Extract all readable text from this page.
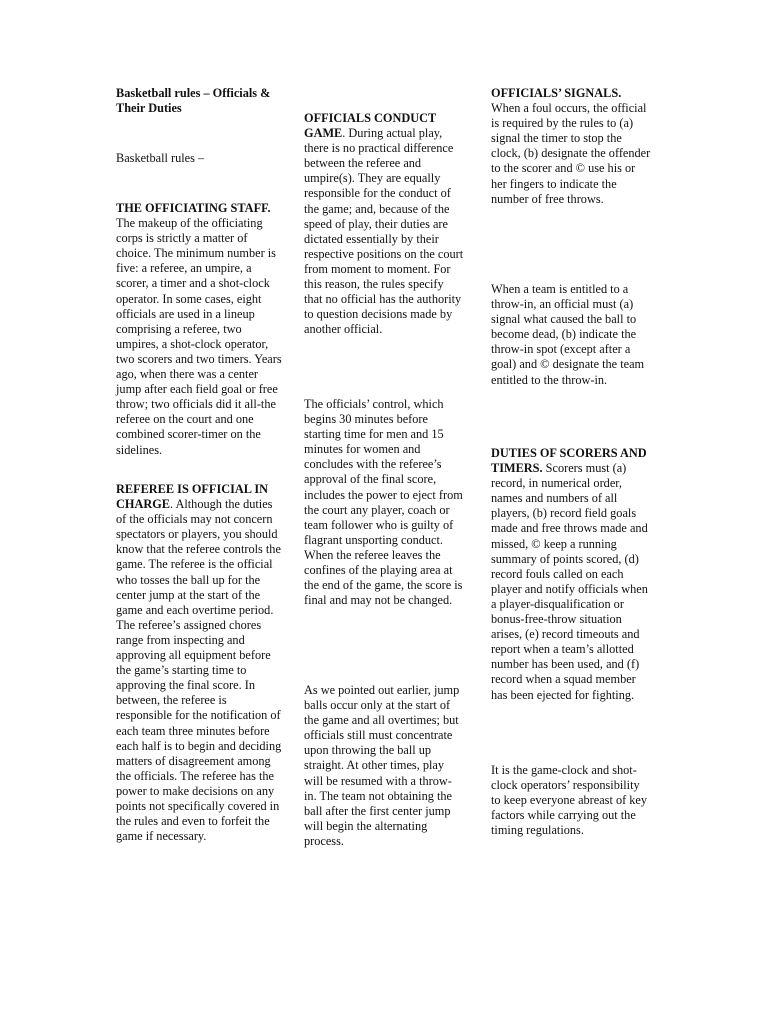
Basketball rules – Officials & Their Duties
Basketball rules –
THE OFFICIATING STAFF.    The makeup of the officiating corps is strictly a matter of choice. The minimum number is five: a referee, an umpire, a scorer, a timer and a shot-clock operator. In some cases, eight officials are used in a lineup comprising a referee, two umpires, a shot-clock operator, two scorers and two timers. Years ago, when there was a center jump after each field goal or free throw; two officials did it all-the referee on the court and one combined scorer-timer on the sidelines.
REFEREE IS OFFICIAL IN CHARGE. Although the duties of the officials may not concern spectators or players, you should know that the referee controls the game. The referee is the official who tosses the ball up for the center jump at the start of the game and each overtime period. The referee’s assigned chores range from inspecting and approving all equipment before the game’s starting time to approving the final score. In between, the referee is responsible for the notification of each team three minutes before each half is to begin and deciding matters of disagreement among the officials. The referee has the power to make decisions on any points not specifically covered in the rules and even to forfeit the game if necessary.
OFFICIALS CONDUCT GAME. During actual play, there is no practical difference between the referee and umpire(s). They are equally responsible for the conduct of the game; and, because of the speed of play, their duties are dictated essentially by their respective positions on the court from moment to moment. For this reason, the rules specify that no official has the authority to question decisions made by another official.
The officials’ control, which begins 30 minutes before starting time for men and 15 minutes for women and concludes with the referee’s approval of the final score, includes the power to eject from the court any player, coach or team follower who is guilty of flagrant unsporting conduct. When the referee leaves the confines of the playing area at the end of the game, the score is final and may not be changed.
As we pointed out earlier, jump balls occur only at the start of the game and all overtimes; but officials still must concentrate upon throwing the ball up straight. At other times, play will be resumed with a throw-in. The team not obtaining the ball after the first center jump will begin the alternating process.
OFFICIALS’ SIGNALS.
When a foul occurs, the official is required by the rules to (a) signal the timer to stop the clock, (b) designate the offender to the scorer and © use his or her fingers to indicate the number of free throws.
When a team is entitled to a throw-in, an official must (a) signal what caused the ball to become dead, (b) indicate the throw-in spot (except after a goal) and © designate the team entitled to the throw-in.
DUTIES OF SCORERS AND TIMERS. Scorers must (a) record, in numerical order, names and numbers of all players, (b) record field goals made and free throws made and missed, © keep a running summary of points scored, (d) record fouls called on each player and notify officials when a player-disqualification or bonus-free-throw situation arises, (e) record timeouts and report when a team’s allotted number has been used, and (f) record when a squad member has been ejected for fighting.
It is the game-clock and shot-clock operators’ responsibility to keep everyone abreast of key factors while carrying out the timing regulations.
